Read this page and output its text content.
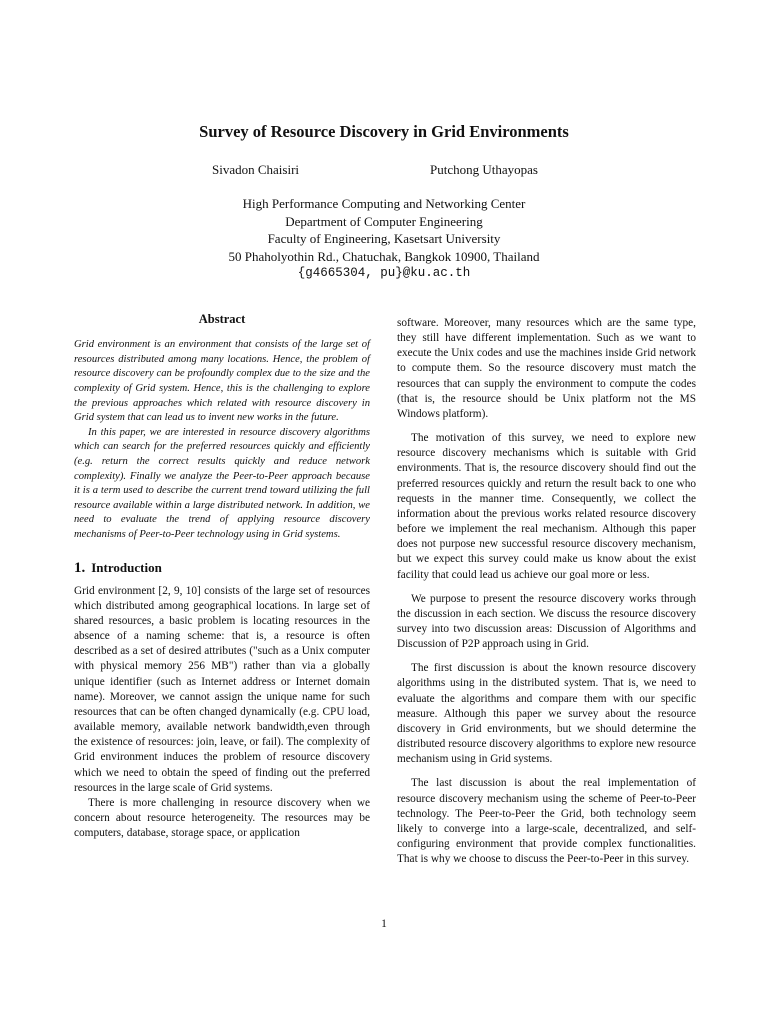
Survey of Resource Discovery in Grid Environments
Sivadon Chaisiri	Putchong Uthayopas
High Performance Computing and Networking Center
Department of Computer Engineering
Faculty of Engineering, Kasetsart University
50 Phaholyothin Rd., Chatuchak, Bangkok 10900, Thailand
{g4665304, pu}@ku.ac.th
Abstract

Grid environment is an environment that consists of the large set of resources distributed among many locations. Hence, the problem of resource discovery can be profoundly complex due to the size and the complexity of Grid system. Hence, this is the challenging to explore the previous approaches which related with resource discovery in Grid system that can lead us to invent new works in the future.

In this paper, we are interested in resource discovery algorithms which can search for the preferred resources quickly and efficiently (e.g. return the correct results quickly and reduce network complexity). Finally we analyze the Peer-to-Peer approach because it is a term used to describe the current trend toward utilizing the full resource available within a large distributed network. In addition, we need to evaluate the trend of applying resource discovery mechanisms of Peer-to-Peer technology using in Grid systems.

1. Introduction

Grid environment [2, 9, 10] consists of the large set of resources which distributed among geographical locations. In large set of shared resources, a basic problem is locating resources in the absence of a naming scheme: that is, a resource is often described as a set of desired attributes ("such as a Unix computer with physical memory 256 MB") rather than via a globally unique identifier (such as Internet address or Internet domain name). Moreover, we cannot assign the unique name for such resources that can be often changed dynamically (e.g. CPU load, available memory, available network bandwidth,even through the existence of resources: join, leave, or fail). The complexity of Grid environment induces the problem of resource discovery which we need to obtain the speed of finding out the preferred resources in the large scale of Grid systems.

There is more challenging in resource discovery when we concern about resource heterogeneity. The resources may be computers, database, storage space, or application

software. Moreover, many resources which are the same type, they still have different implementation. Such as we want to execute the Unix codes and use the machines inside Grid network to compute them. So the resource discovery must match the resources that can supply the environment to compute the codes (that is, the resource should be Unix platform not the MS Windows platform).

The motivation of this survey, we need to explore new resource discovery mechanisms which is suitable with Grid environments. That is, the resource discovery should find out the preferred resources quickly and return the result back to one who requests in the manner time. Consequently, we collect the information about the previous works related resource discovery before we implement the real mechanism. Although this paper does not purpose new successful resource discovery mechanism, but we expect this survey could make us know about the exist facility that could lead us achieve our goal more or less.

We purpose to present the resource discovery works through the discussion in each section. We discuss the resource discovery survey into two discussion areas: Discussion of Algorithms and Discussion of P2P approach using in Grid.

The first discussion is about the known resource discovery algorithms using in the distributed system. That is, we need to evaluate the algorithms and compare them with our specific measure. Although this paper we survey about the resource discovery in Grid environments, but we should determine the distributed resource discovery algorithms to explore new resource mechanism using in Grid systems.

The last discussion is about the real implementation of resource discovery mechanism using the scheme of Peer-to-Peer technology. The Peer-to-Peer the Grid, both technology seem likely to converge into a large-scale, decentralized, and self-configuring environment that provide complex functionalities. That is why we choose to discuss the Peer-to-Peer in this survey.

1
